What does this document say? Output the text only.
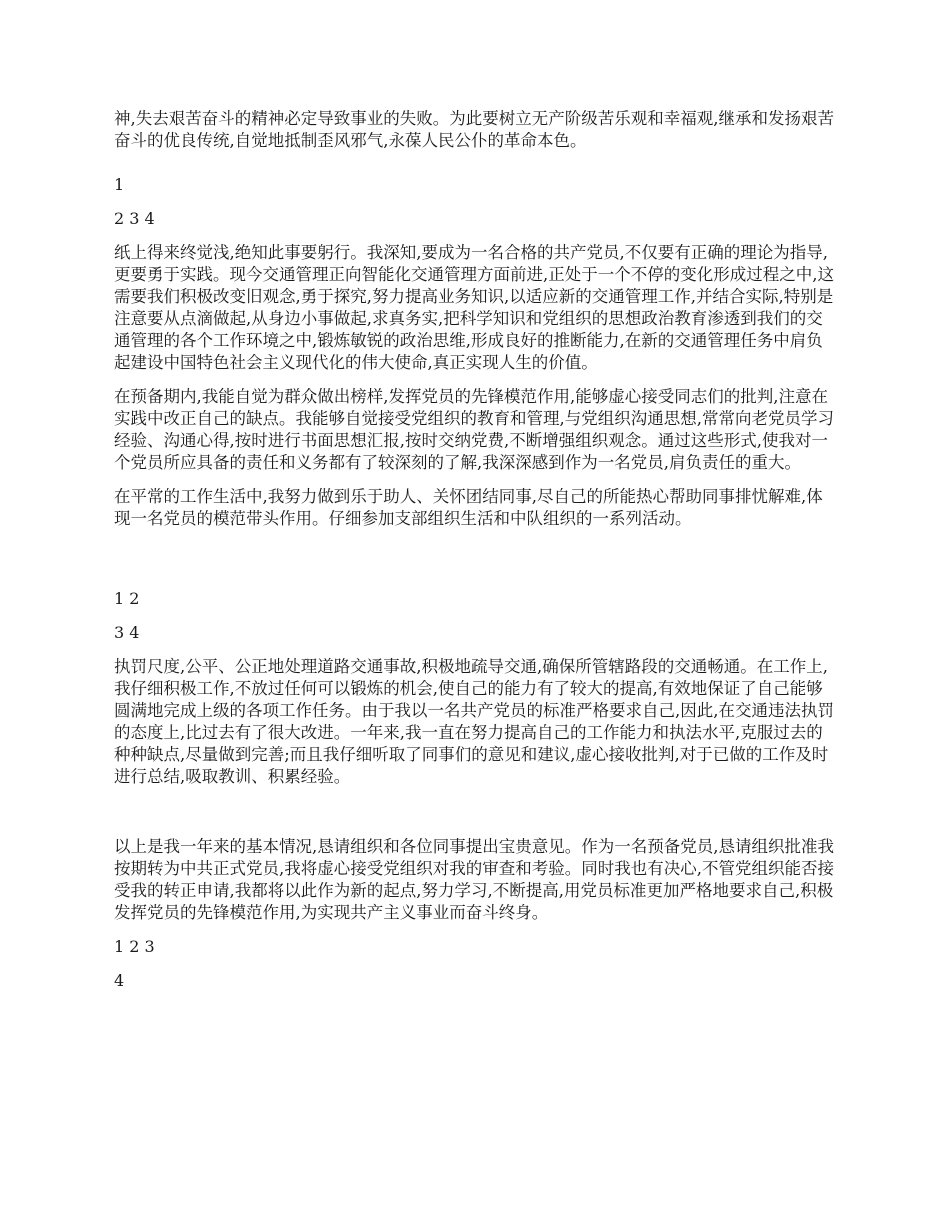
神,失去艰苦奋斗的精神必定导致事业的失败。为此要树立无产阶级苦乐观和幸福观,继承和发扬艰苦奋斗的优良传统,自觉地抵制歪风邪气,永葆人民公仆的革命本色。

1

2 3 4

纸上得来终觉浅,绝知此事要躬行。我深知,要成为一名合格的共产党员,不仅要有正确的理论为指导,更要勇于实践。现今交通管理正向智能化交通管理方面前进,正处于一个不停的变化形成过程之中,这需要我们积极改变旧观念,勇于探究,努力提高业务知识,以适应新的交通管理工作,并结合实际,特别是注意要从点滴做起,从身边小事做起,求真务实,把科学知识和党组织的思想政治教育渗透到我们的交通管理的各个工作环境之中,锻炼敏锐的政治思维,形成良好的推断能力,在新的交通管理任务中肩负起建设中国特色社会主义现代化的伟大使命,真正实现人生的价值。

在预备期内,我能自觉为群众做出榜样,发挥党员的先锋模范作用,能够虚心接受同志们的批判,注意在实践中改正自己的缺点。我能够自觉接受党组织的教育和管理,与党组织沟通思想,常常向老党员学习经验、沟通心得,按时进行书面思想汇报,按时交纳党费,不断增强组织观念。通过这些形式,使我对一个党员所应具备的责任和义务都有了较深刻的了解,我深深感到作为一名党员,肩负责任的重大。

在平常的工作生活中,我努力做到乐于助人、关怀团结同事,尽自己的所能热心帮助同事排忧解难,体现一名党员的模范带头作用。仔细参加支部组织生活和中队组织的一系列活动。

1 2

3 4

执罚尺度,公平、公正地处理道路交通事故,积极地疏导交通,确保所管辖路段的交通畅通。在工作上,我仔细积极工作,不放过任何可以锻炼的机会,使自己的能力有了较大的提高,有效地保证了自己能够圆满地完成上级的各项工作任务。由于我以一名共产党员的标准严格要求自己,因此,在交通违法执罚的态度上,比过去有了很大改进。一年来,我一直在努力提高自己的工作能力和执法水平,克服过去的种种缺点,尽量做到完善;而且我仔细听取了同事们的意见和建议,虚心接收批判,对于已做的工作及时进行总结,吸取教训、积累经验。

以上是我一年来的基本情况,恳请组织和各位同事提出宝贵意见。作为一名预备党员,恳请组织批准我按期转为中共正式党员,我将虚心接受党组织对我的审查和考验。同时我也有决心,不管党组织能否接受我的转正申请,我都将以此作为新的起点,努力学习,不断提高,用党员标准更加严格地要求自己,积极发挥党员的先锋模范作用,为实现共产主义事业而奋斗终身。

1 2 3

4
